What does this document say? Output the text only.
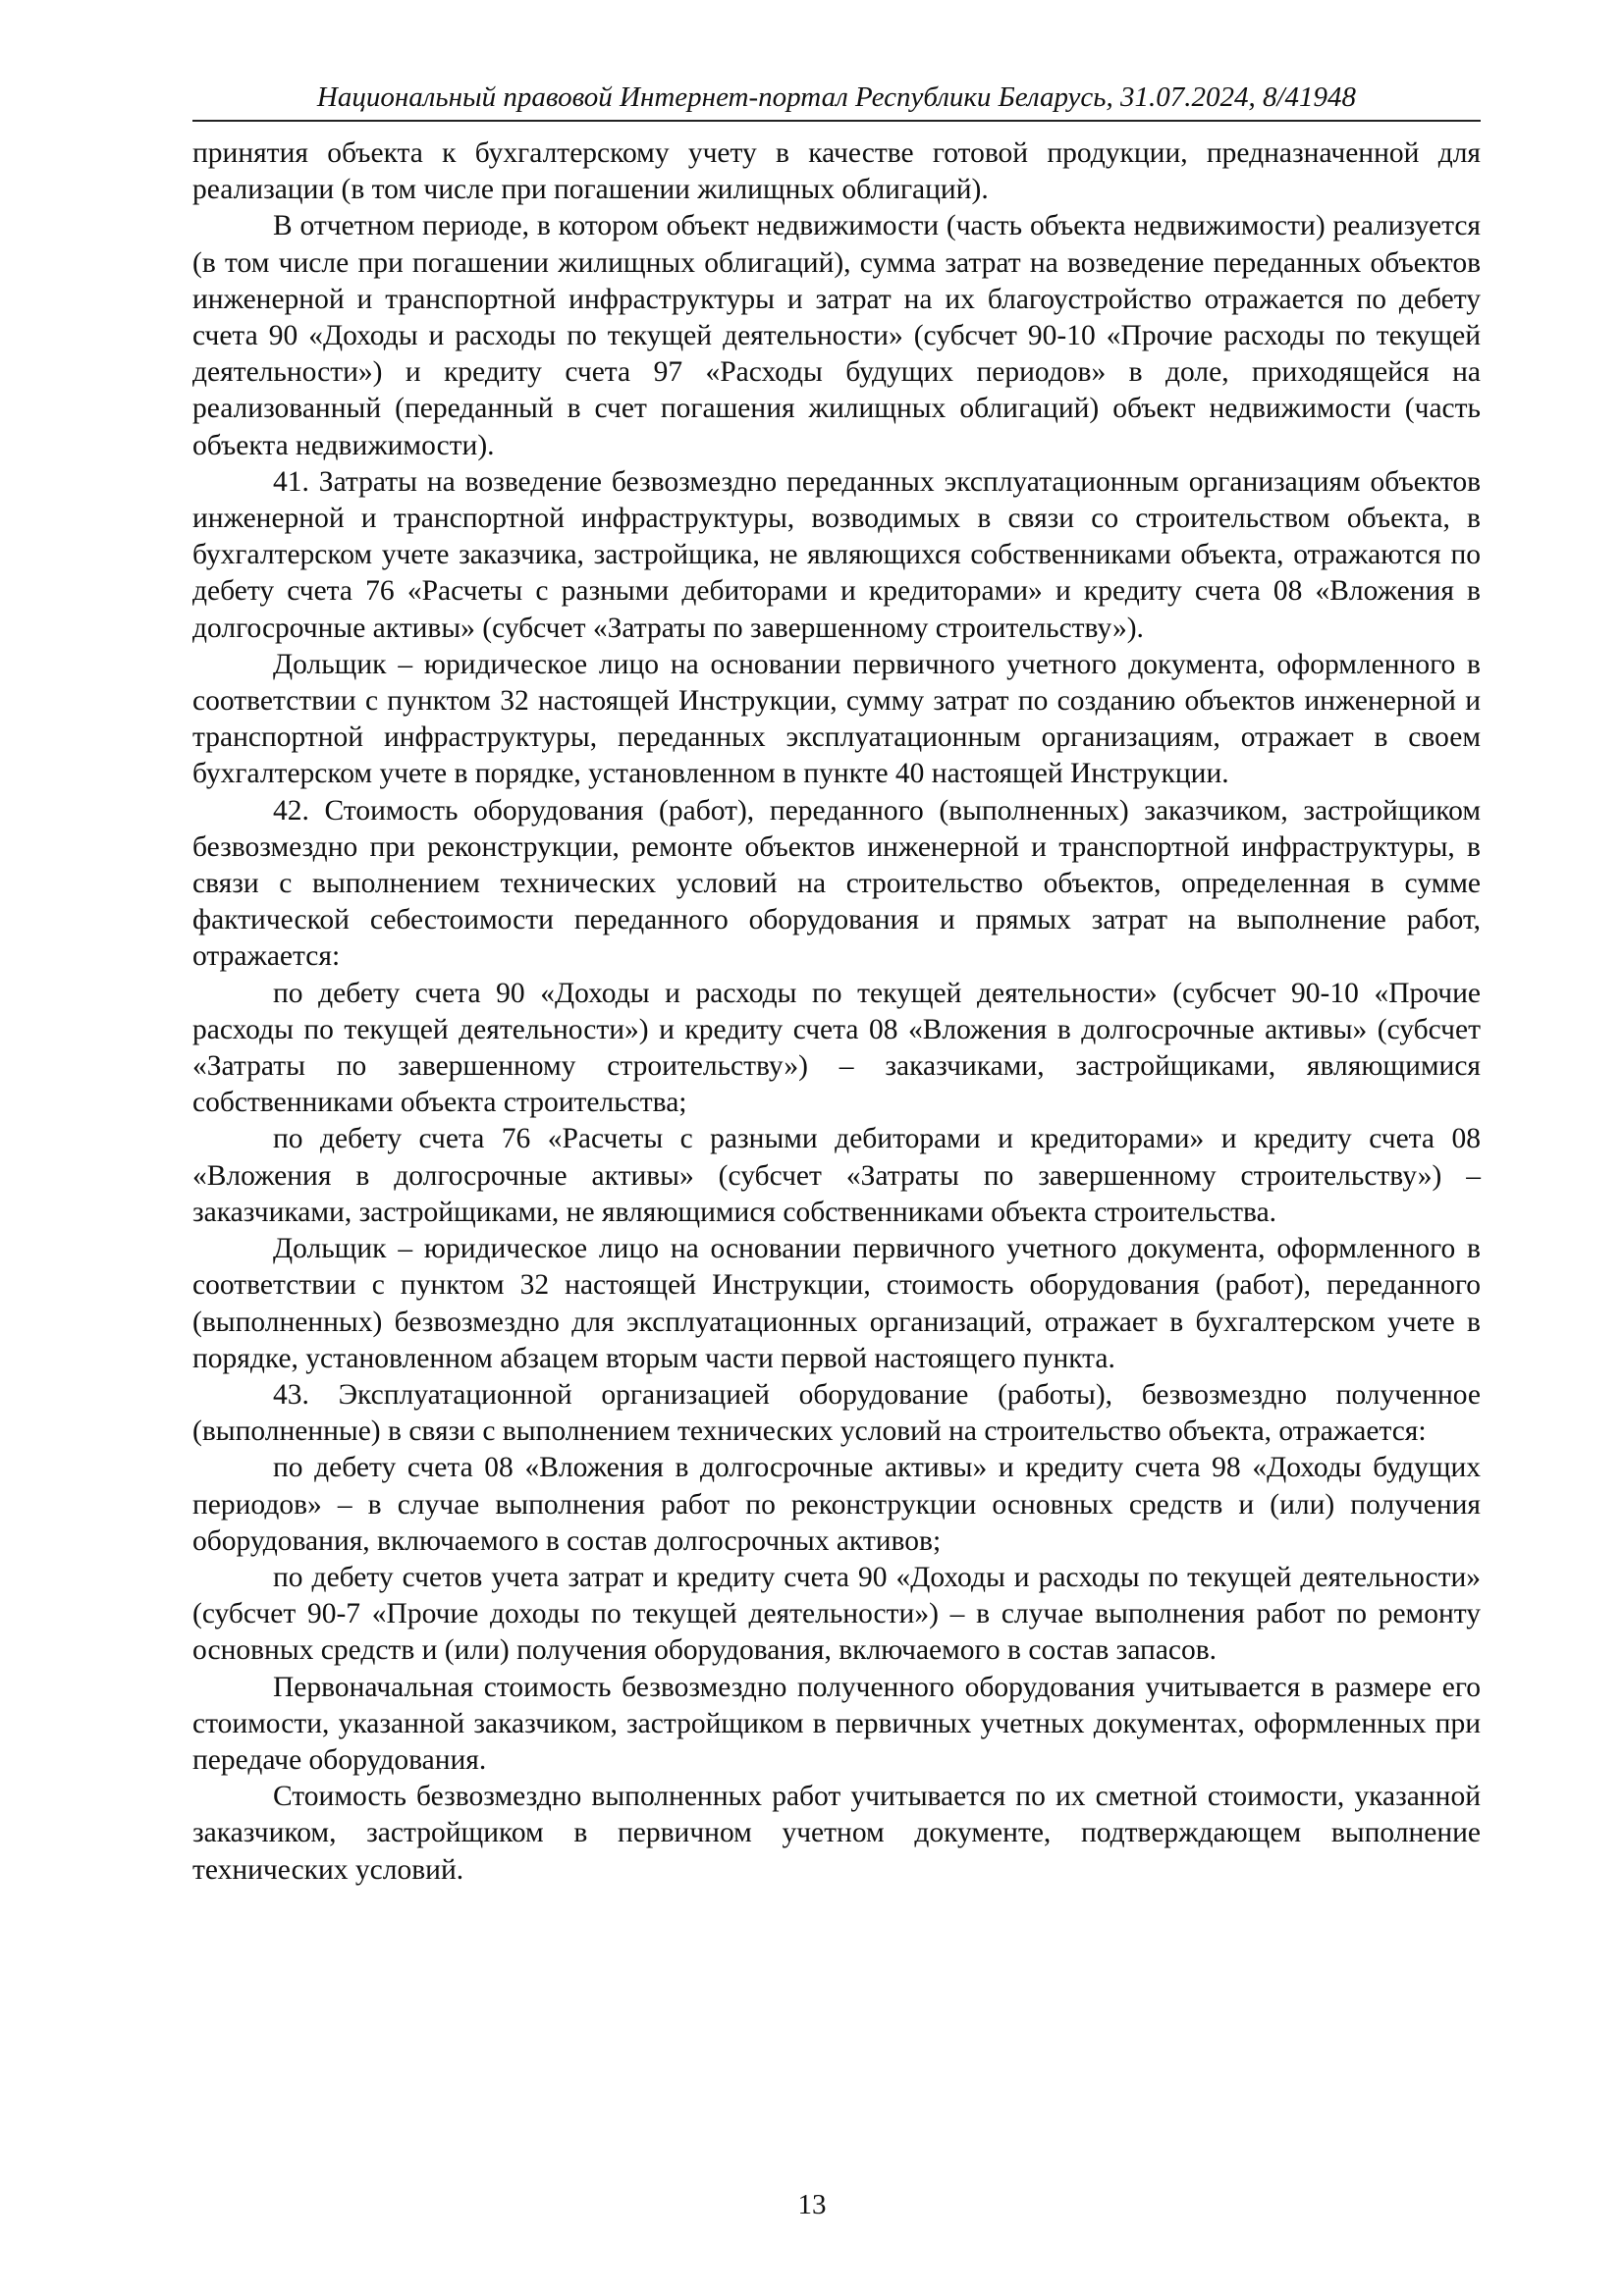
Национальный правовой Интернет-портал Республики Беларусь, 31.07.2024, 8/41948

принятия объекта к бухгалтерскому учету в качестве готовой продукции, предназначенной для реализации (в том числе при погашении жилищных облигаций).

В отчетном периоде, в котором объект недвижимости (часть объекта недвижимости) реализуется (в том числе при погашении жилищных облигаций), сумма затрат на возведение переданных объектов инженерной и транспортной инфраструктуры и затрат на их благоустройство отражается по дебету счета 90 «Доходы и расходы по текущей деятельности» (субсчет 90-10 «Прочие расходы по текущей деятельности») и кредиту счета 97 «Расходы будущих периодов» в доле, приходящейся на реализованный (переданный в счет погашения жилищных облигаций) объект недвижимости (часть объекта недвижимости).

41. Затраты на возведение безвозмездно переданных эксплуатационным организациям объектов инженерной и транспортной инфраструктуры, возводимых в связи со строительством объекта, в бухгалтерском учете заказчика, застройщика, не являющихся собственниками объекта, отражаются по дебету счета 76 «Расчеты с разными дебиторами и кредиторами» и кредиту счета 08 «Вложения в долгосрочные активы» (субсчет «Затраты по завершенному строительству»).

Дольщик – юридическое лицо на основании первичного учетного документа, оформленного в соответствии с пунктом 32 настоящей Инструкции, сумму затрат по созданию объектов инженерной и транспортной инфраструктуры, переданных эксплуатационным организациям, отражает в своем бухгалтерском учете в порядке, установленном в пункте 40 настоящей Инструкции.

42. Стоимость оборудования (работ), переданного (выполненных) заказчиком, застройщиком безвозмездно при реконструкции, ремонте объектов инженерной и транспортной инфраструктуры, в связи с выполнением технических условий на строительство объектов, определенная в сумме фактической себестоимости переданного оборудования и прямых затрат на выполнение работ, отражается:

по дебету счета 90 «Доходы и расходы по текущей деятельности» (субсчет 90-10 «Прочие расходы по текущей деятельности») и кредиту счета 08 «Вложения в долгосрочные активы» (субсчет «Затраты по завершенному строительству») – заказчиками, застройщиками, являющимися собственниками объекта строительства;

по дебету счета 76 «Расчеты с разными дебиторами и кредиторами» и кредиту счета 08 «Вложения в долгосрочные активы» (субсчет «Затраты по завершенному строительству») – заказчиками, застройщиками, не являющимися собственниками объекта строительства.

Дольщик – юридическое лицо на основании первичного учетного документа, оформленного в соответствии с пунктом 32 настоящей Инструкции, стоимость оборудования (работ), переданного (выполненных) безвозмездно для эксплуатационных организаций, отражает в бухгалтерском учете в порядке, установленном абзацем вторым части первой настоящего пункта.

43. Эксплуатационной организацией оборудование (работы), безвозмездно полученное (выполненные) в связи с выполнением технических условий на строительство объекта, отражается:

по дебету счета 08 «Вложения в долгосрочные активы» и кредиту счета 98 «Доходы будущих периодов» – в случае выполнения работ по реконструкции основных средств и (или) получения оборудования, включаемого в состав долгосрочных активов;

по дебету счетов учета затрат и кредиту счета 90 «Доходы и расходы по текущей деятельности» (субсчет 90-7 «Прочие доходы по текущей деятельности») – в случае выполнения работ по ремонту основных средств и (или) получения оборудования, включаемого в состав запасов.

Первоначальная стоимость безвозмездно полученного оборудования учитывается в размере его стоимости, указанной заказчиком, застройщиком в первичных учетных документах, оформленных при передаче оборудования.

Стоимость безвозмездно выполненных работ учитывается по их сметной стоимости, указанной заказчиком, застройщиком в первичном учетном документе, подтверждающем выполнение технических условий.

13
